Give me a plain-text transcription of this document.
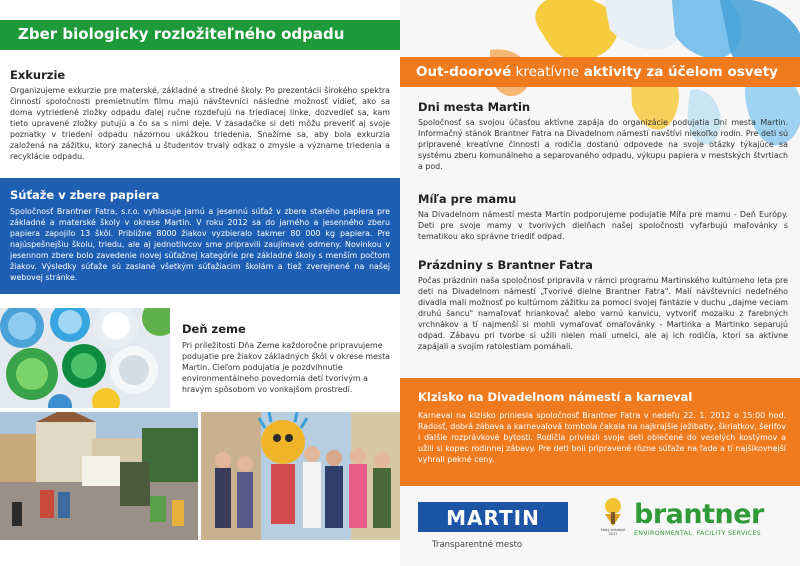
Zber biologicky rozložiteľného odpadu
Exkurzie
Organizujeme exkurzie pre materské, základné a stredné školy. Po prezentácii širokého spektra činností spoločnosti premietnutím filmu majú návštevníci následne možnosť vidieť, ako sa doma vytriedené zložky odpadu ďalej ručne rozdeľujú na triediacej linke, dozvedieť sa, kam tieto upravené zložky putujú a čo sa s nimi deje. V zasadačke si deti môžu preveriť aj svoje poznatky v triedení odpadu názornou ukážkou triedenia. Snažíme sa, aby bola exkurzia založená na zážitku, ktorý zanechá u študentov trvalý odkaz o zmysle a význame triedenia a recyklácie odpadu.
Súťaže v zbere papiera
Spoločnosť Brantner Fatra, s.r.o. vyhlasuje jarnú a jesennú súťaž v zbere starého papiera pre základné a materské školy v okrese Martin. V roku 2012 sa do jarného a jesenného zberu papiera zapojilo 13 škôl. Približne 8000 žiakov vyzbieralo takmer 80 000 kg papiera. Pre najúspešnejšiu školu, triedu, ale aj jednotlivcov sme pripravili zaujímavé odmeny. Novinkou v jesennom zbere bolo zavedenie novej súťažnej kategórie pre základné školy s menším počtom žiakov. Výsledky súťaže sú zaslané všetkým súťažiacim školám a tiež zverejnené na našej webovej stránke.
Deň zeme
Pri príležitosti Dňa Zeme každoročne pripravujeme podujatie pre žiakov základných škôl v okrese mesta Martin. Cieľom podujatia je pozdvihnutie environmentálneho povedomia detí tvorivým a hravým spôsobom vo vonkajšom prostredí.
Out-doorové kreatívne aktivity za účelom osvety
Dni mesta Martin
Spoločnosť sa svojou účasťou aktívne zapája do organizácie podujatia Dni mesta Martin. Informačný stánok Brantner Fatra na Divadelnom námestí navštívi niekoľko rodín. Pre deti sú pripravené kreatívne činnosti a rodičia dostanú odpovede na svoje otázky týkajúce sa systému zberu komunálneho a separovaného odpadu, výkupu papiera v mestských štvrtiach a pod.
Míľa pre mamu
Na Divadelnom námestí mesta Martin podporujeme podujatie Míľa pre mamu - Deň Európy. Deti pre svoje mamy v tvorivých dielňach našej spoločnosti vyfarbujú maľovánky s tematikou ako správne triediť odpad.
Prázdniny s Brantner Fatra
Počas prázdnin naša spoločnosť pripravila v rámci programu Martinského kultúrneho leta pre deti na Divadelnom námestí „Tvorivé dielne Brantner Fatra". Malí návštevníci nedeľného divadla mali možnosť po kultúrnom zážitku za pomoci svojej fantázie v duchu „dajme veciam druhú šancu" namaľovať hriankovač alebo varnú kanvicu, vytvoriť mozaiku z farebných vrchnákov a tí najmenší si mohli vymaľovať omaľovánky - Martinka a Martinko separujú odpad. Zábavu pri tvorbe si užili nielen malí umelci, ale aj ich rodičia, ktorí sa aktívne zapájali a svojím ratolestiam pomáhali.
Klzisko na Divadelnom námestí a karneval
Karneval na klzisko priniesla spoločnosť Brantner Fatra v nedeľu 22. 1. 2012 o 15:00 hod. Radosť, dobrá zábava a karnevalová tombola čakala na najkrajšie ježibaby, škriatkov, šerifov i ďalšie rozprávkové bytosti. Rodičia priviezli svoje deti oblečené do veselých kostýmov a užili si kopec rodinnej zábavy. Pre deti boli pripravené rôzne súťaže na ľade a tí najšikovnejší vyhrali pekné ceny.
MARTIN
Transparentné mesto
štatý triedavé 2012
brantner
ENVIRONMENTAL. FACILITY SERVICES
